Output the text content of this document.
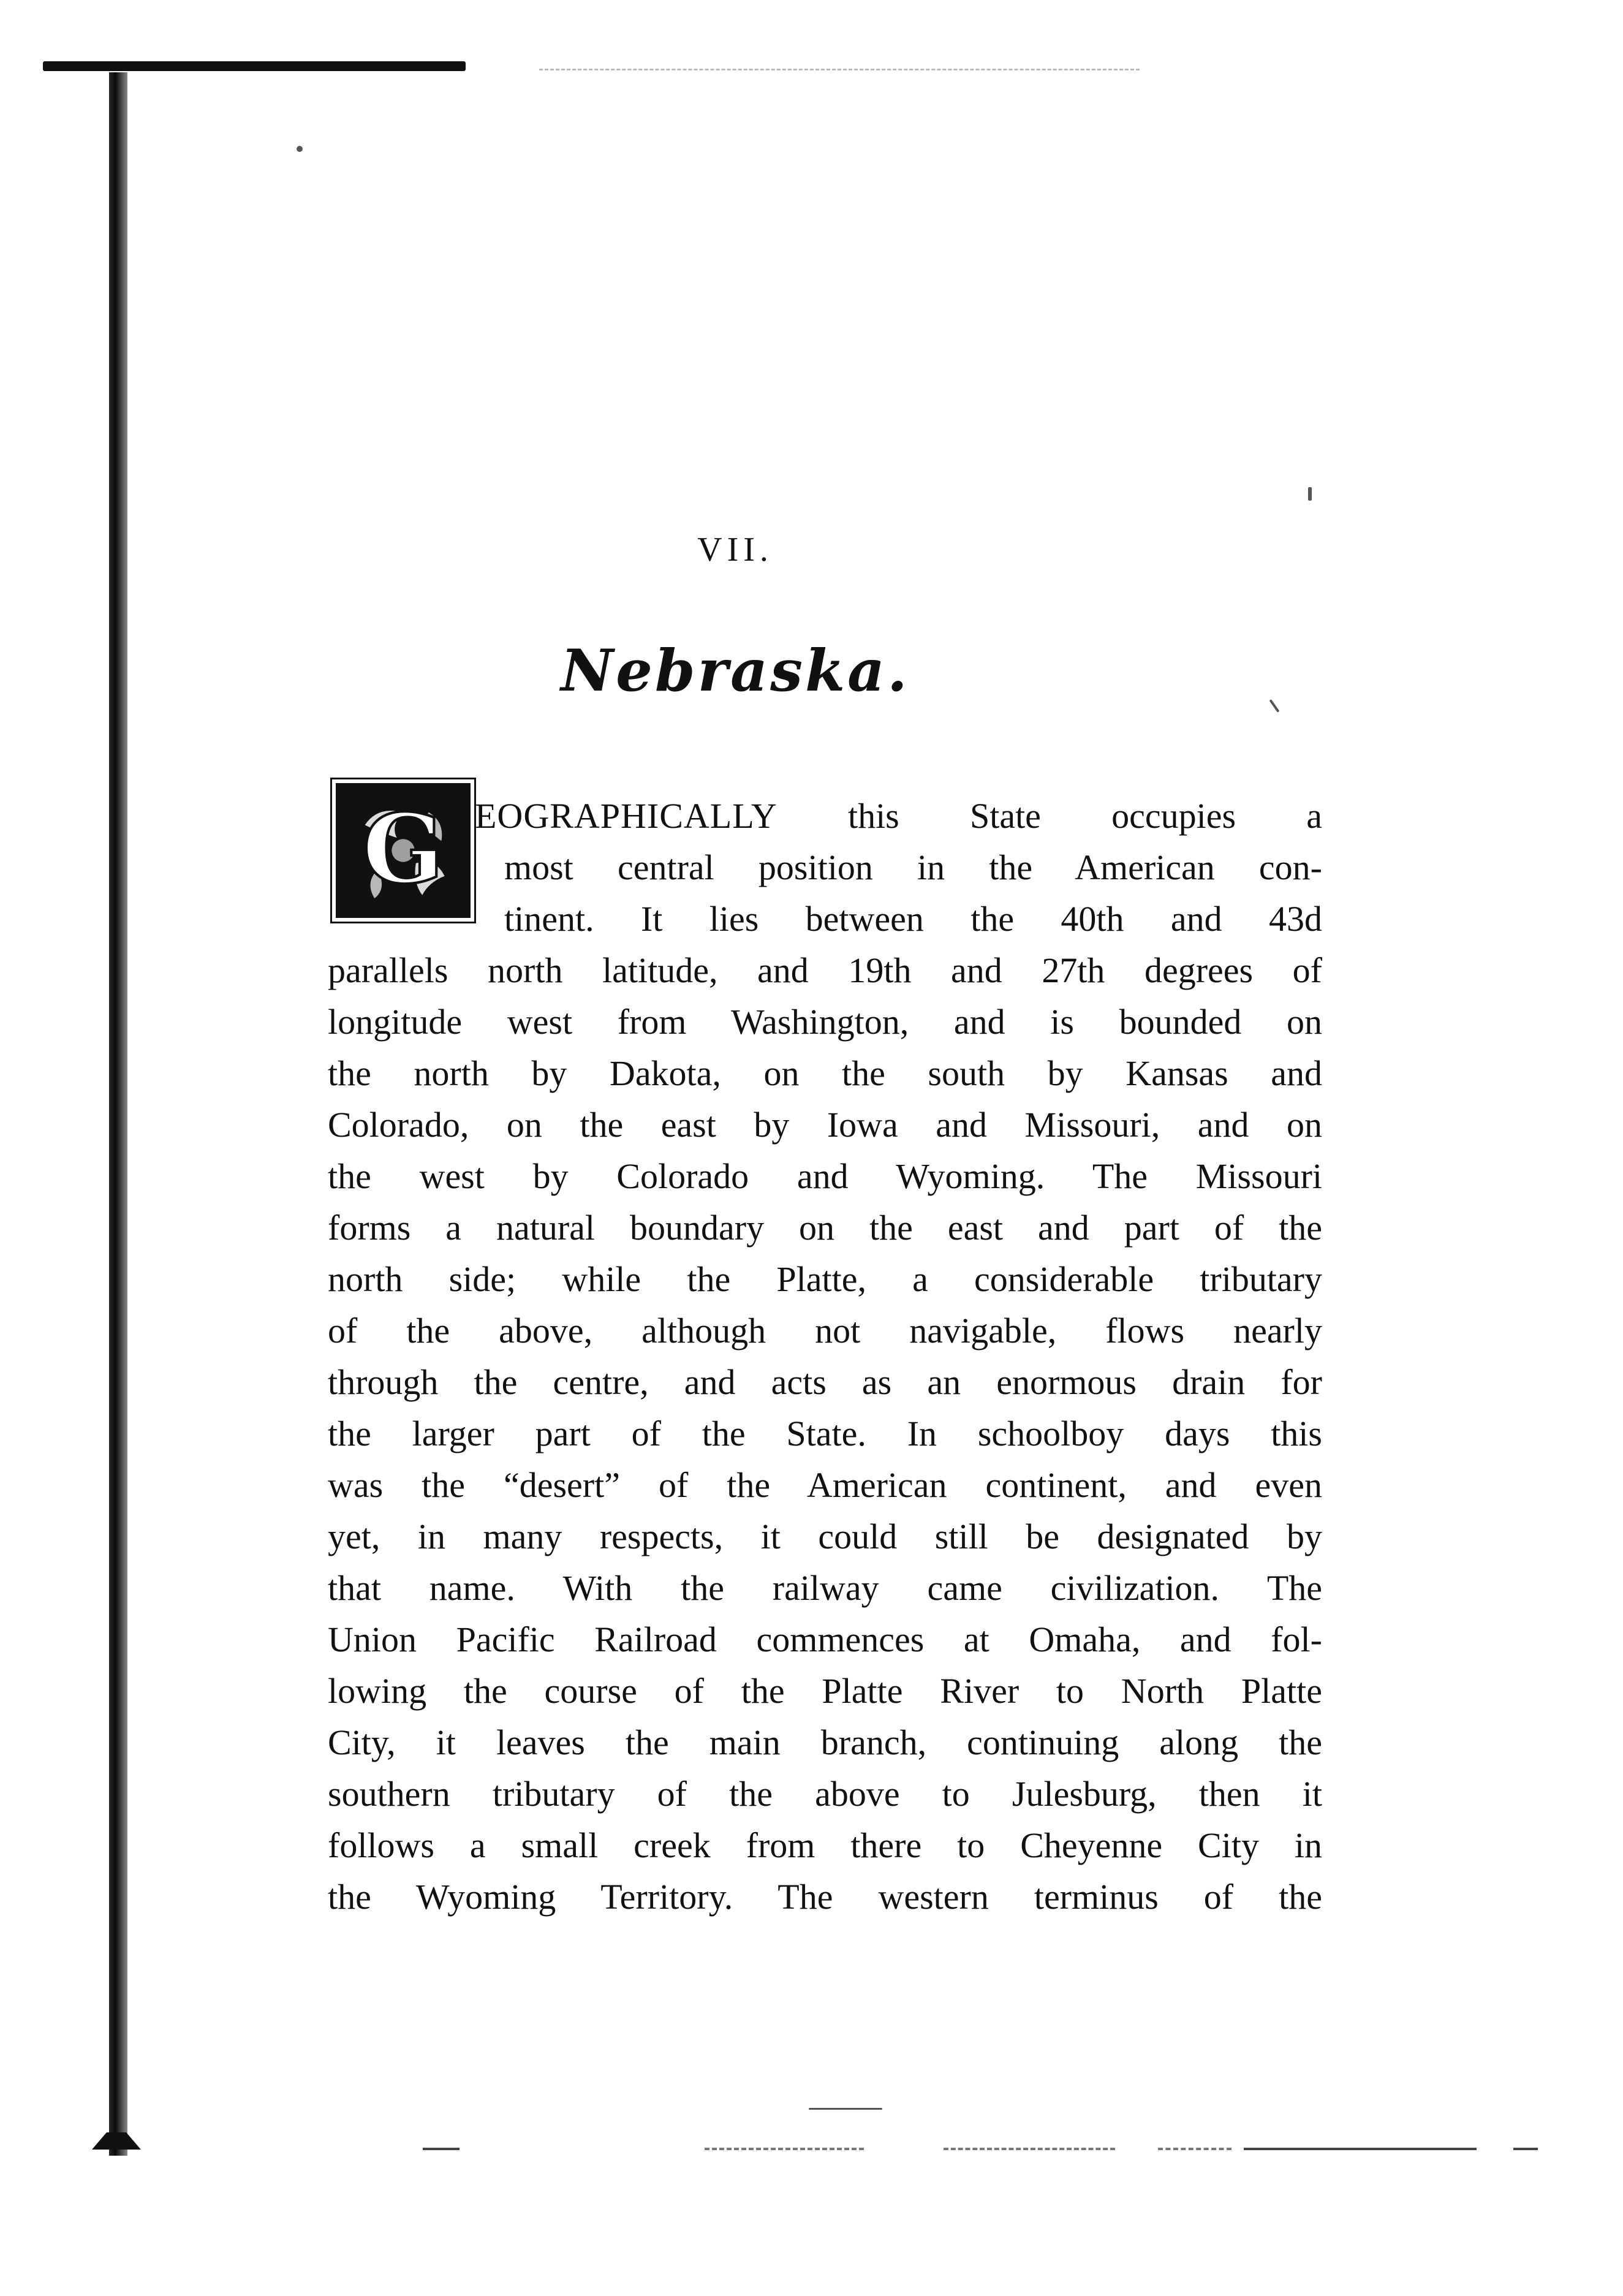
VII.
Nebraska.
G EOGRAPHICALLY this State occupies a
most central position in the American con-
tinent. It lies between the 40th and 43d
parallels north latitude, and 19th and 27th degrees of
longitude west from Washington, and is bounded on
the north by Dakota, on the south by Kansas and
Colorado, on the east by Iowa and Missouri, and on
the west by Colorado and Wyoming. The Missouri
forms a natural boundary on the east and part of the
north side; while the Platte, a considerable tributary
of the above, although not navigable, flows nearly
through the centre, and acts as an enormous drain for
the larger part of the State. In schoolboy days this
was the “desert” of the American continent, and even
yet, in many respects, it could still be designated by
that name. With the railway came civilization. The
Union Pacific Railroad commences at Omaha, and fol-
lowing the course of the Platte River to North Platte
City, it leaves the main branch, continuing along the
southern tributary of the above to Julesburg, then it
follows a small creek from there to Cheyenne City in
the Wyoming Territory. The western terminus of the
